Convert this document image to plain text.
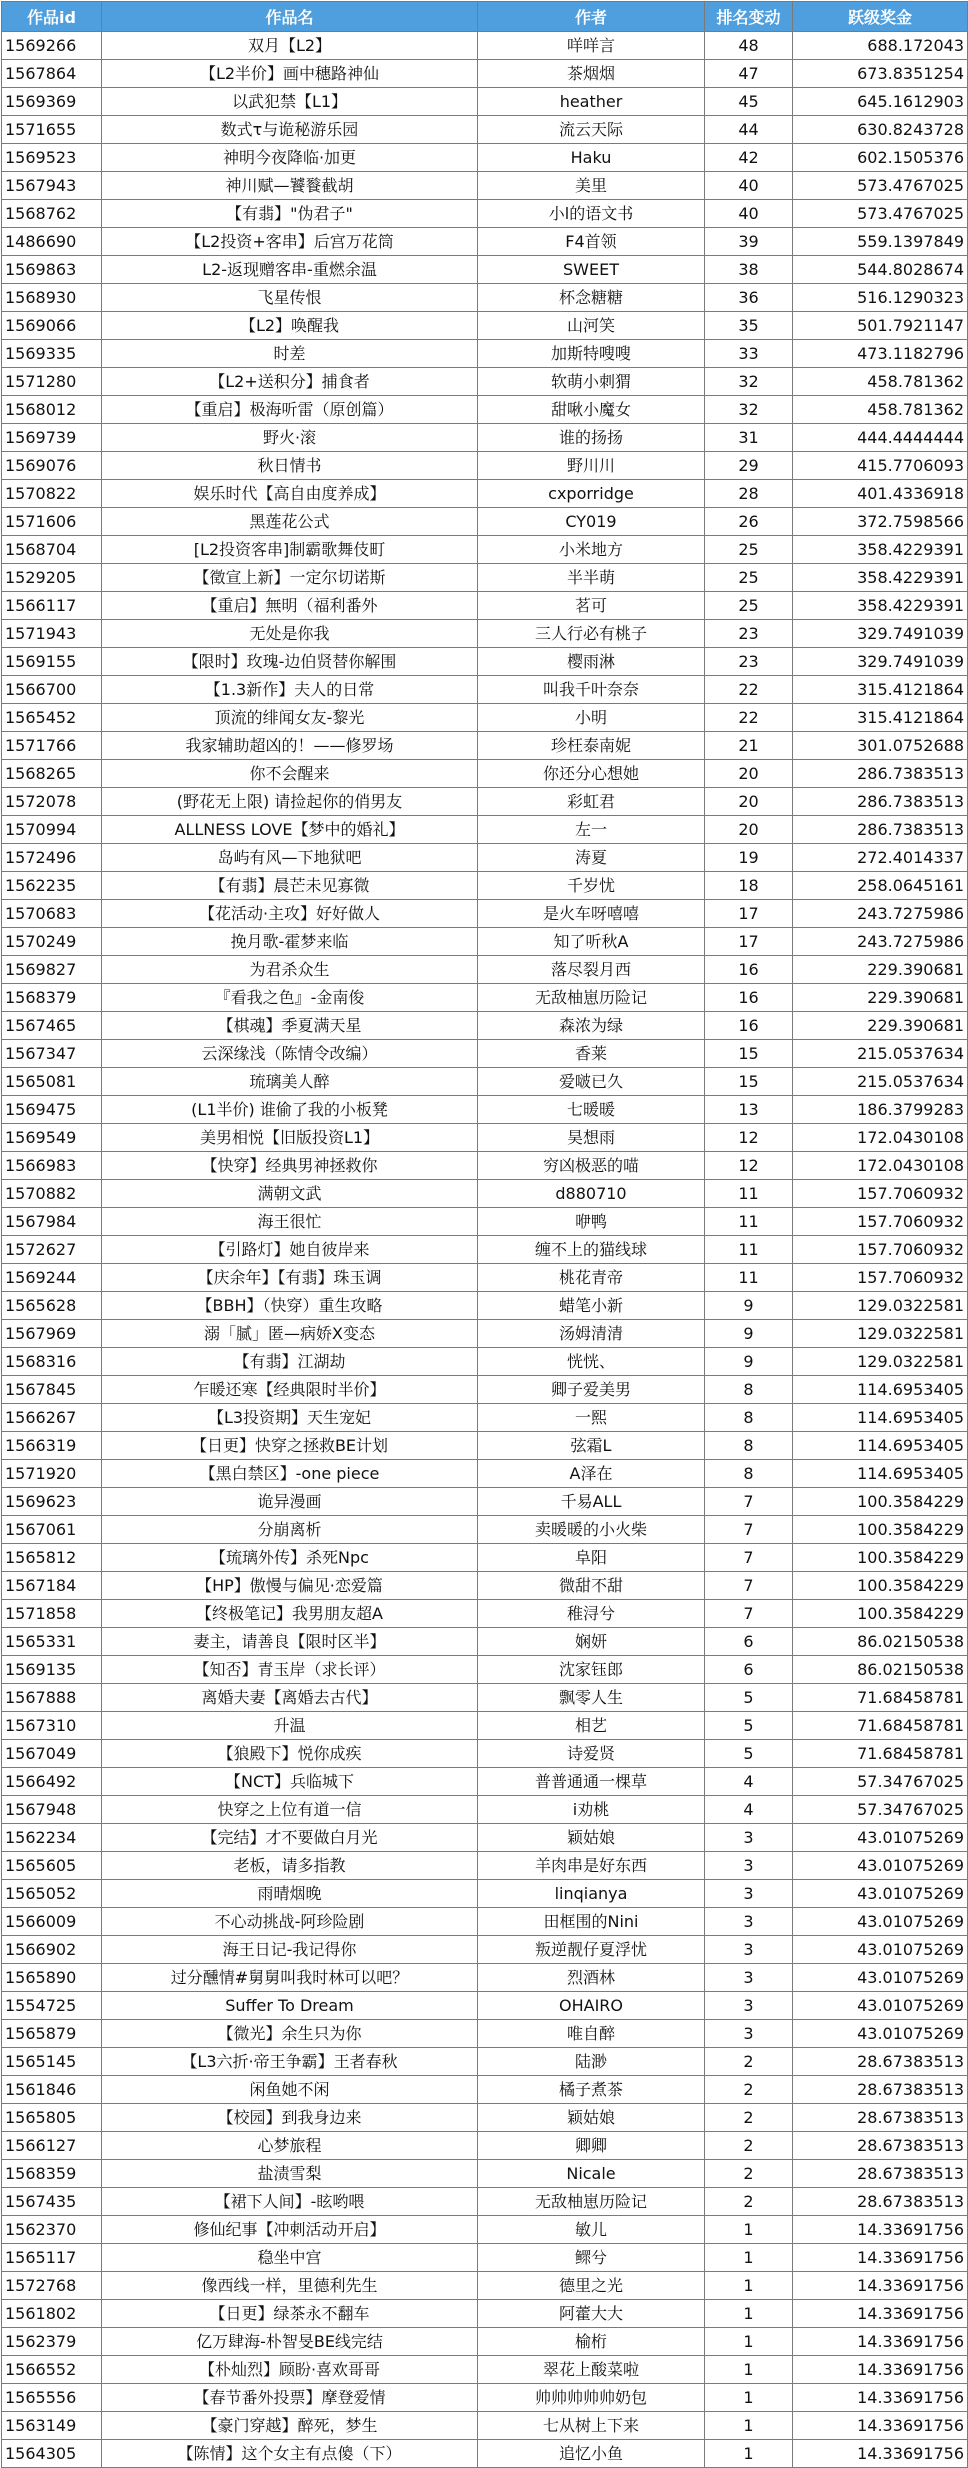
作品id	作品名	作者	排名变动	跃级奖金
1569266	双月【L2】	咩咩言	48	688.172043
1567864	【L2半价】画中穗路神仙	茶烟烟	47	673.8351254
1569369	以武犯禁【L1】	heather	45	645.1612903
1571655	数式τ与诡秘游乐园	流云天际	44	630.8243728
1569523	神明今夜降临·加更	Haku	42	602.1505376
1567943	神川赋—饕餮截胡	美里	40	573.4767025
1568762	【有翡】"伪君子"	小l的语文书	40	573.4767025
1486690	【L2投资+客串】后宫万花筒	F4首领	39	559.1397849
1569863	L2-返现赠客串-重燃余温	SWEET	38	544.8028674
1568930	飞星传恨	杯念糖糖	36	516.1290323
1569066	【L2】唤醒我	山河笑	35	501.7921147
1569335	时差	加斯特嗖嗖	33	473.1182796
1571280	【L2+送积分】捕食者	软萌小刺猬	32	458.781362
1568012	【重启】极海听雷（原创篇）	甜啾小魔女	32	458.781362
1569739	野火·滚	谁的扬扬	31	444.4444444
1569076	秋日情书	野川川	29	415.7706093
1570822	娱乐时代【高自由度养成】	cxporridge	28	401.4336918
1571606	黑莲花公式	CY019	26	372.7598566
1568704	[L2投资客串]制霸歌舞伎町	小米地方	25	358.4229391
1529205	【徵宣上新】一定尔切诺斯	半半萌	25	358.4229391
1566117	【重启】無明（福利番外	茗可	25	358.4229391
1571943	无处是你我	三人行必有桃子	23	329.7491039
1569155	【限时】玫瑰-边伯贤替你解围	樱雨淋	23	329.7491039
1566700	【1.3新作】夫人的日常	叫我千叶奈奈	22	315.4121864
1565452	顶流的绯闻女友-黎光	小明	22	315.4121864
1571766	我家辅助超凶的！——修罗场	珍枉泰南妮	21	301.0752688
1568265	你不会醒来	你还分心想她	20	286.7383513
1572078	(野花无上限) 请捡起你的俏男友	彩虹君	20	286.7383513
1570994	ALLNESS LOVE【梦中的婚礼】	左一	20	286.7383513
1572496	岛屿有风—下地狱吧	涛夏	19	272.4014337
1562235	【有翡】晨芒未见寡微	千岁忧	18	258.0645161
1570683	【花活动·主攻】好好做人	是火车呀嘻嘻	17	243.7275986
1570249	挽月歌-霍梦来临	知了听秋A	17	243.7275986
1569827	为君杀众生	落尽裂月西	16	229.390681
1568379	『看我之色』-金南俊	无敌柚崽历险记	16	229.390681
1567465	【棋魂】季夏满天星	森浓为绿	16	229.390681
1567347	云深缘浅（陈情令改编）	香莱	15	215.0537634
1565081	琉璃美人醉	爱啵已久	15	215.0537634
1569475	(L1半价) 谁偷了我的小板凳	七暖暖	13	186.3799283
1569549	美男相悦【旧版投资L1】	昊想雨	12	172.0430108
1566983	【快穿】经典男神拯救你	穷凶极恶的喵	12	172.0430108
1570882	满朝文武	d880710	11	157.7060932
1567984	海王很忙	咿鸭	11	157.7060932
1572627	【引路灯】她自彼岸来	缠不上的猫线球	11	157.7060932
1569244	【庆余年】【有翡】珠玉调	桃花青帝	11	157.7060932
1565628	【BBH】（快穿）重生攻略	蜡笔小新	9	129.0322581
1567969	溺「腻」匿—病娇X变态	汤姆清清	9	129.0322581
1568316	【有翡】江湖劫	恍恍、	9	129.0322581
1567845	乍暖还寒【经典限时半价】	卿子爱美男	8	114.6953405
1566267	【L3投资期】天生宠妃	一熙	8	114.6953405
1566319	【日更】快穿之拯救BE计划	弦霜L	8	114.6953405
1571920	【黑白禁区】-one piece	A泽在	8	114.6953405
1569623	诡异漫画	千易ALL	7	100.3584229
1567061	分崩离析	卖暖暖的小火柴	7	100.3584229
1565812	【琉璃外传】杀死Npc	阜阳	7	100.3584229
1567184	【HP】傲慢与偏见·恋爱篇	微甜不甜	7	100.3584229
1571858	【终极笔记】我男朋友超A	稚浔兮	7	100.3584229
1565331	妻主，请善良【限时区半】	娴妍	6	86.02150538
1569135	【知否】青玉岸（求长评）	沈家钰郎	6	86.02150538
1567888	离婚夫妻【离婚去古代】	飘零人生	5	71.68458781
1567310	升温	相艺	5	71.68458781
1567049	【狼殿下】悦你成疾	诗爱贤	5	71.68458781
1566492	【NCT】兵临城下	普普通通一棵草	4	57.34767025
1567948	快穿之上位有道一信	i劝桃	4	57.34767025
1562234	【完结】才不要做白月光	颖姑娘	3	43.01075269
1565605	老板，请多指教	羊肉串是好东西	3	43.01075269
1565052	雨晴烟晚	linqianya	3	43.01075269
1566009	不心动挑战-阿珍险剧	田框围的Nini	3	43.01075269
1566902	海王日记-我记得你	叛逆靓仔夏浮忧	3	43.01075269
1565890	过分醺情#舅舅叫我时林可以吧？	烈酒林	3	43.01075269
1554725	Suffer To Dream	OHAIRO	3	43.01075269
1565879	【微光】余生只为你	唯自醉	3	43.01075269
1565145	【L3六折·帝王争霸】王者春秋	陆渺	2	28.67383513
1561846	闲鱼她不闲	橘子煮茶	2	28.67383513
1565805	【校园】到我身边来	颖姑娘	2	28.67383513
1566127	心梦旅程	卿卿	2	28.67383513
1568359	盐渍雪梨	Nicale	2	28.67383513
1567435	【裙下人间】-眩哟喂	无敌柚崽历险记	2	28.67383513
1562370	修仙纪事【冲刺活动开启】	敏儿	1	14.33691756
1565117	稳坐中宫	鳏兮	1	14.33691756
1572768	像西线一样，里德利先生	德里之光	1	14.33691756
1561802	【日更】绿茶永不翻车	阿藿大大	1	14.33691756
1562379	亿万肆海-朴智旻BE线完结	榆桁	1	14.33691756
1566552	【朴灿烈】顾盼·喜欢哥哥	翠花上酸菜啦	1	14.33691756
1565556	【春节番外投票】摩登爱情	帅帅帅帅帅奶包	1	14.33691756
1563149	【豪门穿越】醉死，梦生	七从树上下来	1	14.33691756
1564305	【陈情】这个女主有点傻（下）	追忆小鱼	1	14.33691756
